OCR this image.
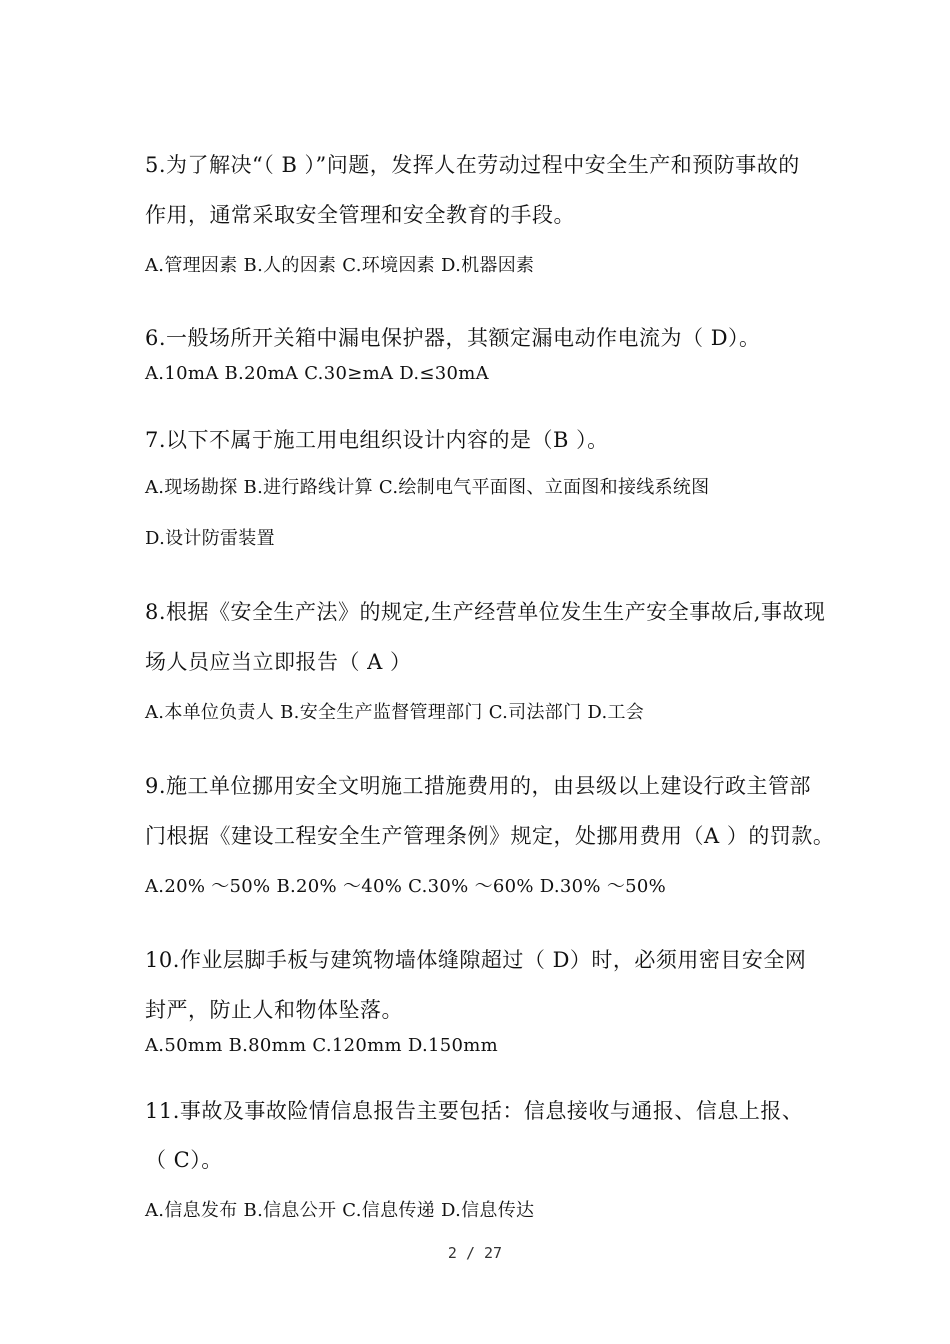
5.为了解决“（ B ）”问题，发挥人在劳动过程中安全生产和预防事故的
作用，通常采取安全管理和安全教育的手段。
A.管理因素 B.人的因素 C.环境因素 D.机器因素
6.一般场所开关箱中漏电保护器，其额定漏电动作电流为（ D）。
A.10mA B.20mA C.30≥mA D.≤30mA
7.以下不属于施工用电组织设计内容的是（B ）。
A.现场勘探 B.进行路线计算 C.绘制电气平面图、立面图和接线系统图
D.设计防雷装置
8.根据《安全生产法》的规定,生产经营单位发生生产安全事故后,事故现
场人员应当立即报告（ A ）
A.本单位负责人 B.安全生产监督管理部门 C.司法部门 D.工会
9.施工单位挪用安全文明施工措施费用的，由县级以上建设行政主管部
门根据《建设工程安全生产管理条例》规定，处挪用费用（A ）的罚款。
A.20% ～50% B.20% ～40% C.30% ～60% D.30% ～50%
10.作业层脚手板与建筑物墙体缝隙超过（ D）时，必须用密目安全网
封严，防止人和物体坠落。
A.50mm B.80mm C.120mm D.150mm
11.事故及事故险情信息报告主要包括：信息接收与通报、信息上报、
（ C）。
A.信息发布 B.信息公开 C.信息传递 D.信息传达
2 / 27
